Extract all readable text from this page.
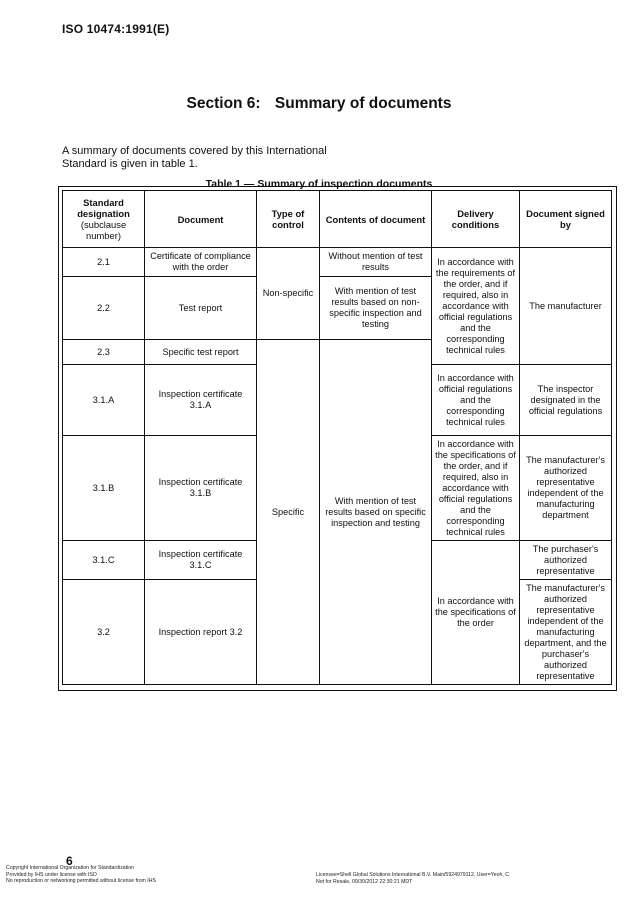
ISO 10474:1991(E)
Section 6: Summary of documents

A summary of documents covered by this International Standard is given in table 1.

Table 1 — Summary of inspection documents
Standard designation
(subclause number)	Document	Type of control	Contents of document	Delivery conditions	Document signed by
2.1	Certificate of compliance with the order	Non-specific	Without mention of test results	In accordance with the requirements of the order, and if required, also in accordance with official regulations and the corresponding technical rules	The manufacturer
2.2	Test report		With mention of test results based on non-specific inspection and testing		
2.3	Specific test report	Specific	With mention of test results based on specific inspection and testing		
3.1.A	Inspection certificate 3.1.A			In accordance with official regulations and the corresponding technical rules	The inspector designated in the official regulations
3.1.B	Inspection certificate 3.1.B			In accordance with the specifications of the order, and if required, also in accordance with official regulations and the corresponding technical rules	The manufacturer's authorized representative independent of the manufacturing department
3.1.C	Inspection certificate 3.1.C			In accordance with the specifications of the order	The purchaser's authorized representative
3.2	Inspection report 3.2				The manufacturer's authorized representative independent of the manufacturing department, and the purchaser's authorized representative
6
Copyright International Organization for Standardization
Provided by IHS under license with ISO
No reproduction or networking permitted without license from IHS
Licensee=Shell Global Solutions International B.V. Main/5924979112, User=Yeoh, C
Not for Resale, 09/30/2012 22:30:21 MDT
